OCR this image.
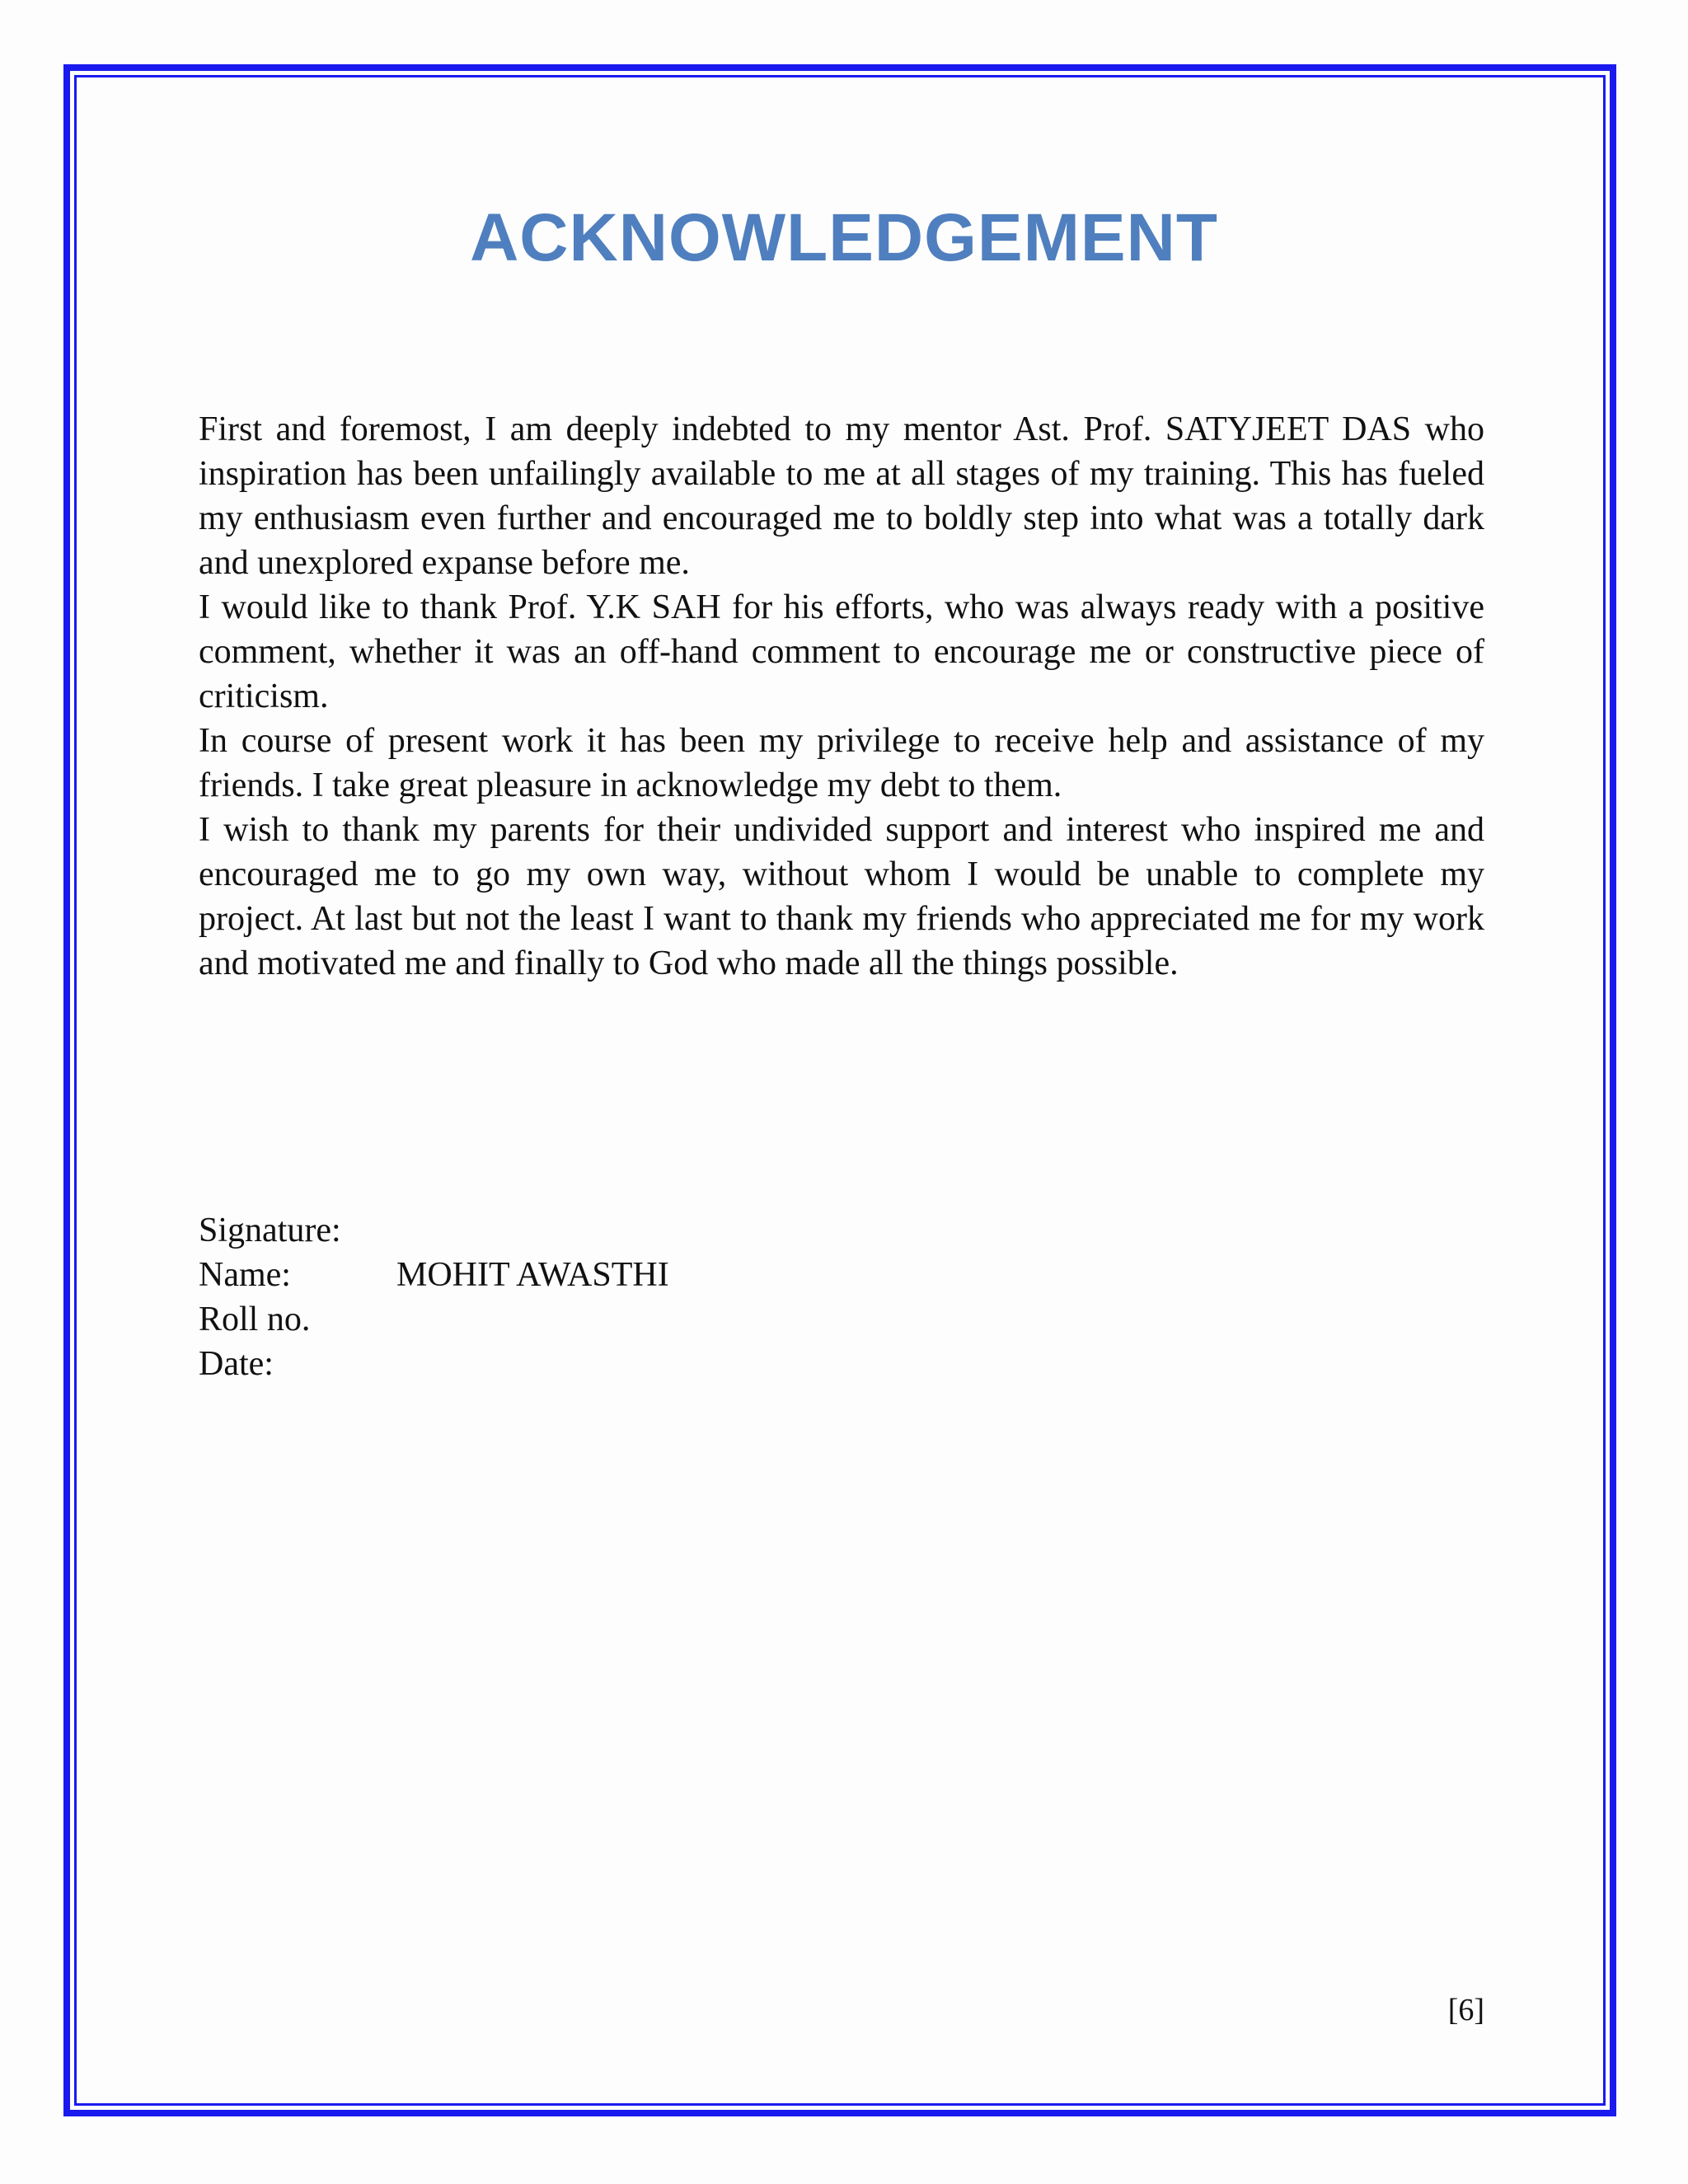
ACKNOWLEDGEMENT

First and foremost, I am deeply indebted to my mentor Ast. Prof. SATYJEET DAS who inspiration has been unfailingly available to me at all stages of my training. This has fueled my enthusiasm even further and encouraged me to boldly step into what was a totally dark and unexplored expanse before me.

I would like to thank Prof. Y.K SAH for his efforts, who was always ready with a positive comment, whether it was an off-hand comment to encourage me or constructive piece of criticism.

In course of present work it has been my privilege to receive help and assistance of my friends. I take great pleasure in acknowledge my debt to them.

I wish to thank my parents for their undivided support and interest who inspired me and encouraged me to go my own way, without whom I would be unable to complete my project. At last but not the least I want to thank my friends who appreciated me for my work and motivated me and finally to God who made all the things possible.

Signature:
Name:	MOHIT AWASTHI
Roll no.
Date:
[6]
